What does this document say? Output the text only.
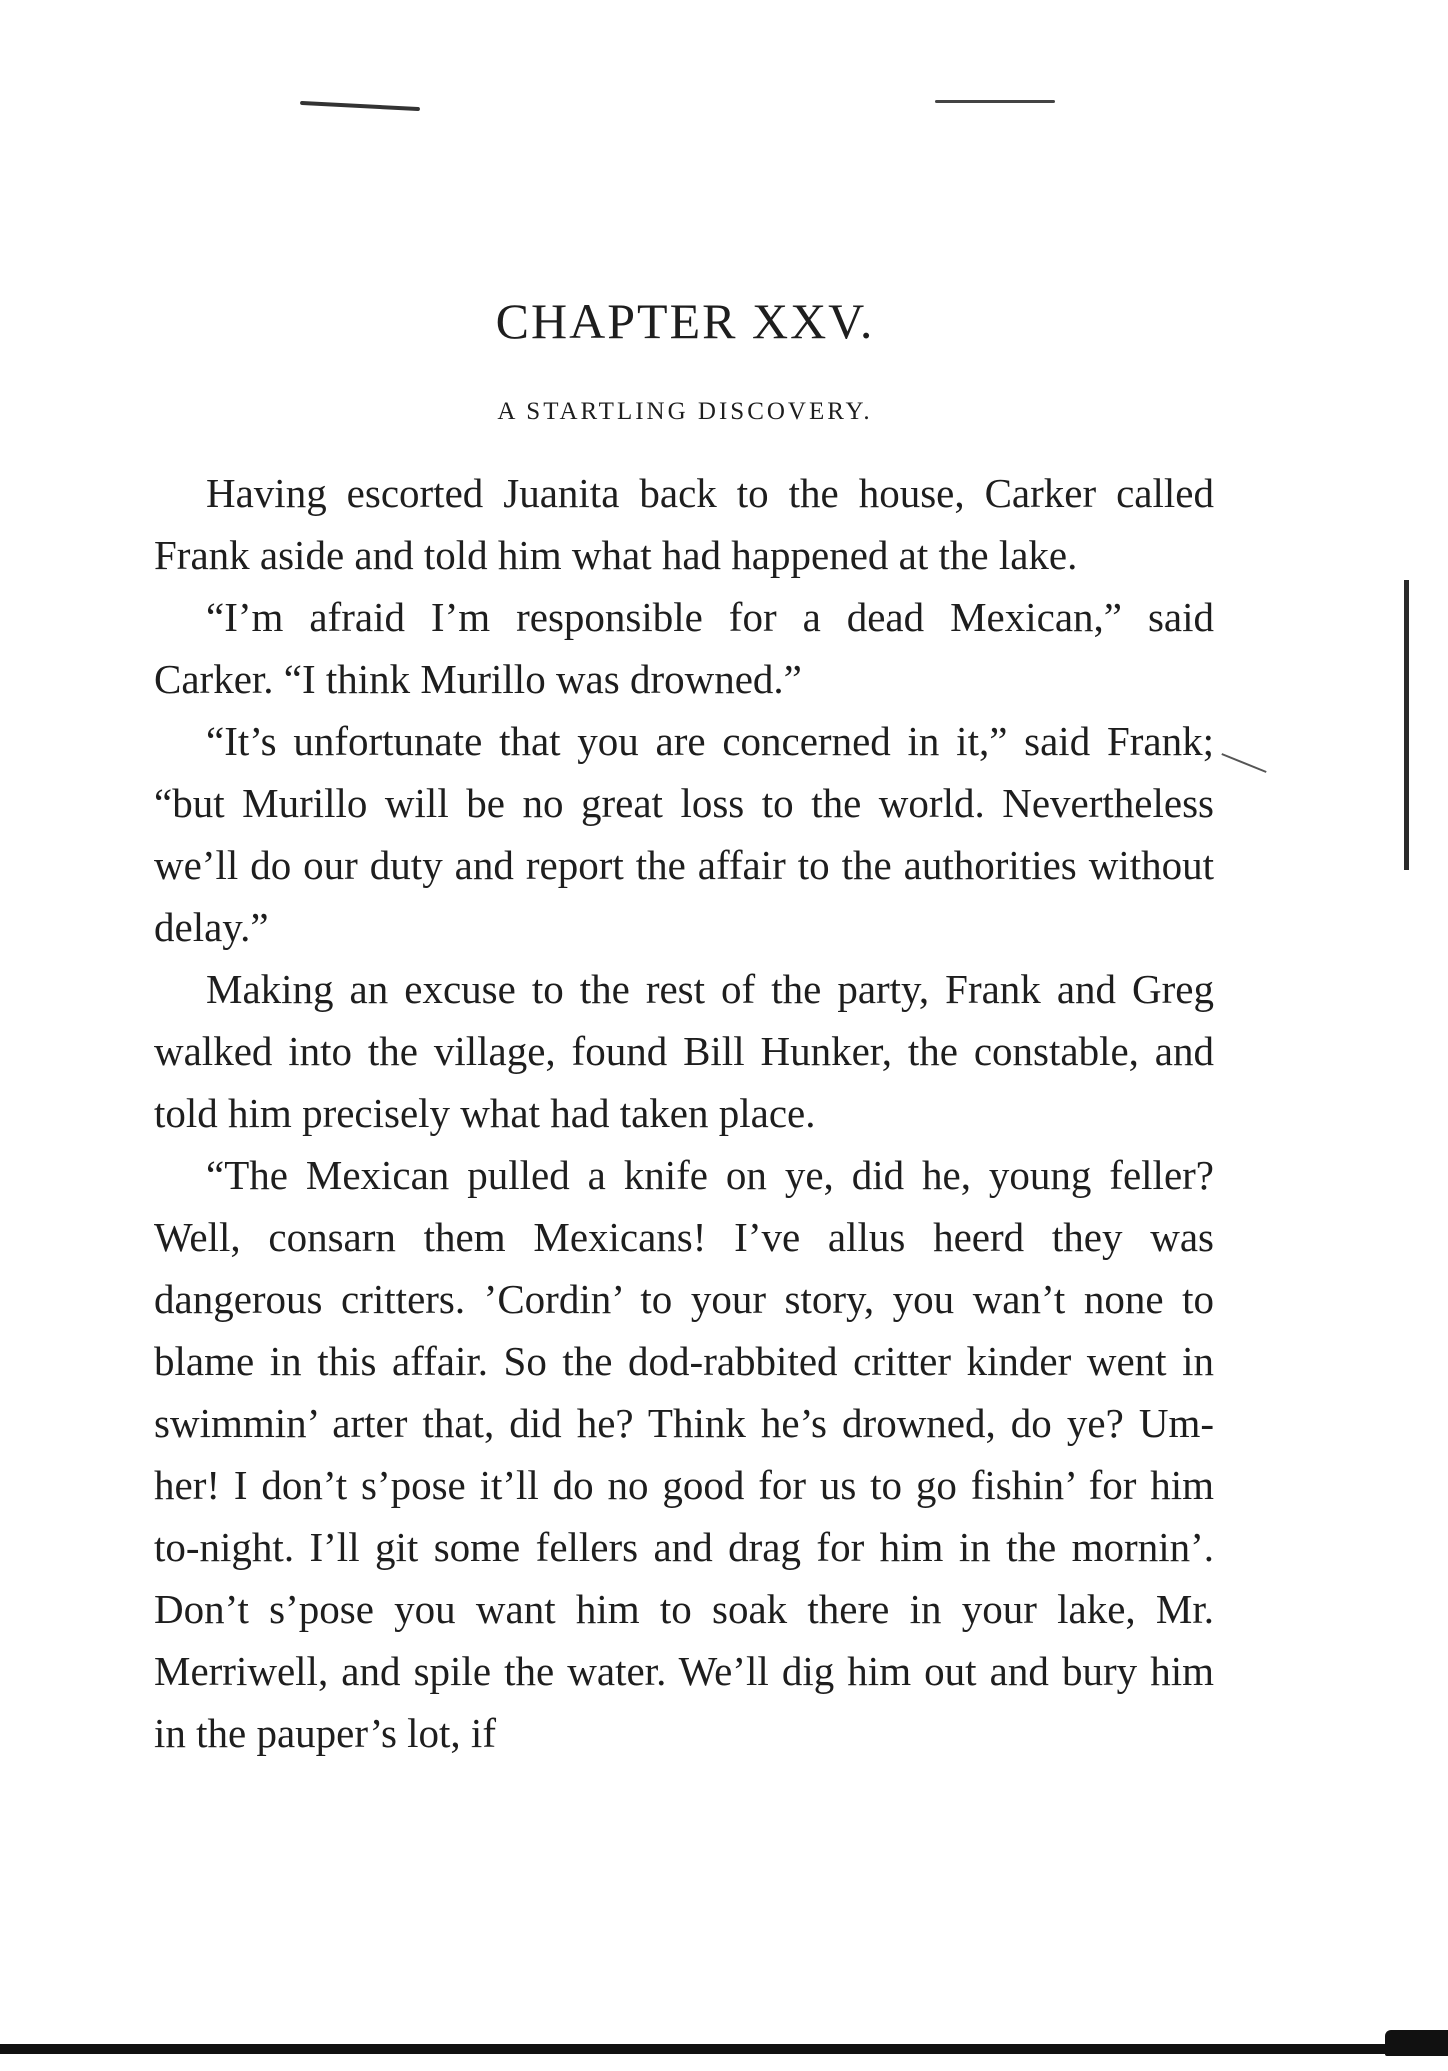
CHAPTER XXV.
A STARTLING DISCOVERY.

Having escorted Juanita back to the house, Carker called Frank aside and told him what had happened at the lake.

“I’m afraid I’m responsible for a dead Mexican,” said Carker. “I think Murillo was drowned.”

“It’s unfortunate that you are concerned in it,” said Frank; “but Murillo will be no great loss to the world. Nevertheless we’ll do our duty and report the affair to the authorities without delay.”

Making an excuse to the rest of the party, Frank and Greg walked into the village, found Bill Hunker, the constable, and told him precisely what had taken place.

“The Mexican pulled a knife on ye, did he, young feller? Well, consarn them Mexicans! I’ve allus heerd they was dangerous critters. ’Cordin’ to your story, you wan’t none to blame in this affair. So the dod-rabbited critter kinder went in swimmin’ arter that, did he? Think he’s drowned, do ye? Um-her! I don’t s’pose it’ll do no good for us to go fishin’ for him to-night. I’ll git some fellers and drag for him in the mornin’. Don’t s’pose you want him to soak there in your lake, Mr. Merriwell, and spile the water. We’ll dig him out and bury him in the pauper’s lot, if
